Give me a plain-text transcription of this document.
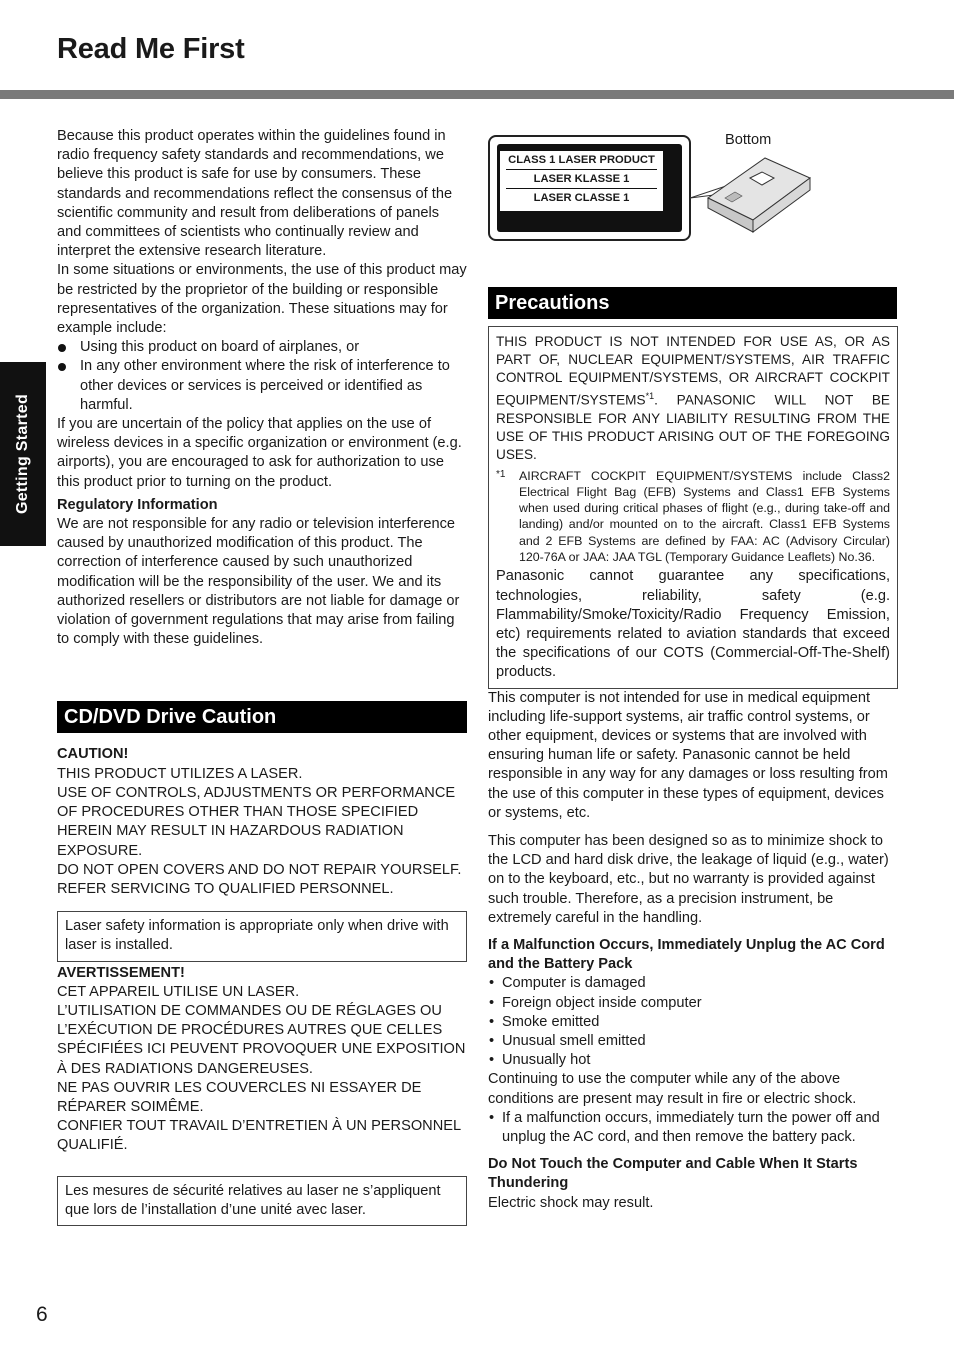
Read Me First
Getting Started

Because this product operates within the guidelines found in radio frequency safety standards and recommendations, we believe this product is safe for use by consumers. These standards and recommendations reflect the consensus of the scientific community and result from deliberations of panels and committees of scientists who continually review and interpret the extensive research literature.

In some situations or environments, the use of this product may be restricted by the proprietor of the building or responsible representatives of the organization. These situations may for example include:

Using this product on board of airplanes, or
In any other environment where the risk of interference to other devices or services is perceived or identified as harmful.

If you are uncertain of the policy that applies on the use of wireless devices in a specific organization or environment (e.g. airports), you are encouraged to ask for authorization to use this product prior to turning on the product.

Regulatory Information

We are not responsible for any radio or television interference caused by unauthorized modification of this product. The correction of interference caused by such unauthorized modification will be the responsibility of the user. We and its authorized resellers or distributors are not liable for damage or violation of government regulations that may arise from failing to comply with these guidelines.

CD/DVD Drive Caution

CAUTION!

THIS PRODUCT UTILIZES A LASER.

USE OF CONTROLS, ADJUSTMENTS OR PERFORMANCE OF PROCEDURES OTHER THAN THOSE SPECIFIED HEREIN MAY RESULT IN HAZARDOUS RADIATION EXPOSURE.

DO NOT OPEN COVERS AND DO NOT REPAIR YOURSELF.

REFER SERVICING TO QUALIFIED PERSONNEL.

Laser safety information is appropriate only when drive with laser is installed.

AVERTISSEMENT!

CET APPAREIL UTILISE UN LASER.

L’UTILISATION DE COMMANDES OU DE RÉGLAGES OU L’EXÉCUTION DE PROCÉDURES AUTRES QUE CELLES SPÉCIFIÉES ICI PEUVENT PROVOQUER UNE EXPOSITION À DES RADIATIONS DANGEREUSES.

NE PAS OUVRIR LES COUVERCLES NI ESSAYER DE RÉPARER SOIMÊME.

CONFIER TOUT TRAVAIL D’ENTRETIEN À UN PERSONNEL QUALIFIÉ.

Les mesures de sécurité relatives au laser ne s’appliquent que lors de l’installation d’une unité avec laser.
CLASS 1 LASER PRODUCT
LASER KLASSE 1
LASER CLASSE 1
Bottom
Precautions
THIS PRODUCT IS NOT INTENDED FOR USE AS, OR AS PART OF, NUCLEAR EQUIPMENT/SYSTEMS, AIR TRAFFIC CONTROL EQUIPMENT/SYSTEMS, OR AIRCRAFT COCKPIT EQUIPMENT/SYSTEMS$^{*1}$. PANASONIC WILL NOT BE RESPONSIBLE FOR ANY LIABILITY RESULTING FROM THE USE OF THIS PRODUCT ARISING OUT OF THE FOREGOING USES.
*1	AIRCRAFT COCKPIT EQUIPMENT/SYSTEMS include Class2 Electrical Flight Bag (EFB) Systems and Class1 EFB Systems when used during critical phases of flight (e.g., during take-off and landing) and/or mounted on to the aircraft. Class1 EFB Systems and 2 EFB Systems are defined by FAA: AC (Advisory Circular) 120-76A or JAA: JAA TGL (Temporary Guidance Leaflets) No.36.

Panasonic cannot guarantee any specifications, technologies, reliability, safety (e.g. Flammability/Smoke/Toxicity/Radio Frequency Emission, etc) requirements related to aviation standards that exceed the specifications of our COTS (Commercial-Off-The-Shelf) products.

This computer is not intended for use in medical equipment including life-support systems, air traffic control systems, or other equipment, devices or systems that are involved with ensuring human life or safety. Panasonic cannot be held responsible in any way for any damages or loss resulting from the use of this computer in these types of equipment, devices or systems, etc.

This computer has been designed so as to minimize shock to the LCD and hard disk drive, the leakage of liquid (e.g., water) on to the keyboard, etc., but no warranty is provided against such trouble. Therefore, as a precision instrument, be extremely careful in the handling.

If a Malfunction Occurs, Immediately Unplug the AC Cord and the Battery Pack

• Computer is damaged
• Foreign object inside computer
• Smoke emitted
• Unusual smell emitted
• Unusually hot

Continuing to use the computer while any of the above conditions are present may result in fire or electric shock.

• If a malfunction occurs, immediately turn the power off and unplug the AC cord, and then remove the battery pack.

Do Not Touch the Computer and Cable When It Starts Thundering

Electric shock may result.

6
